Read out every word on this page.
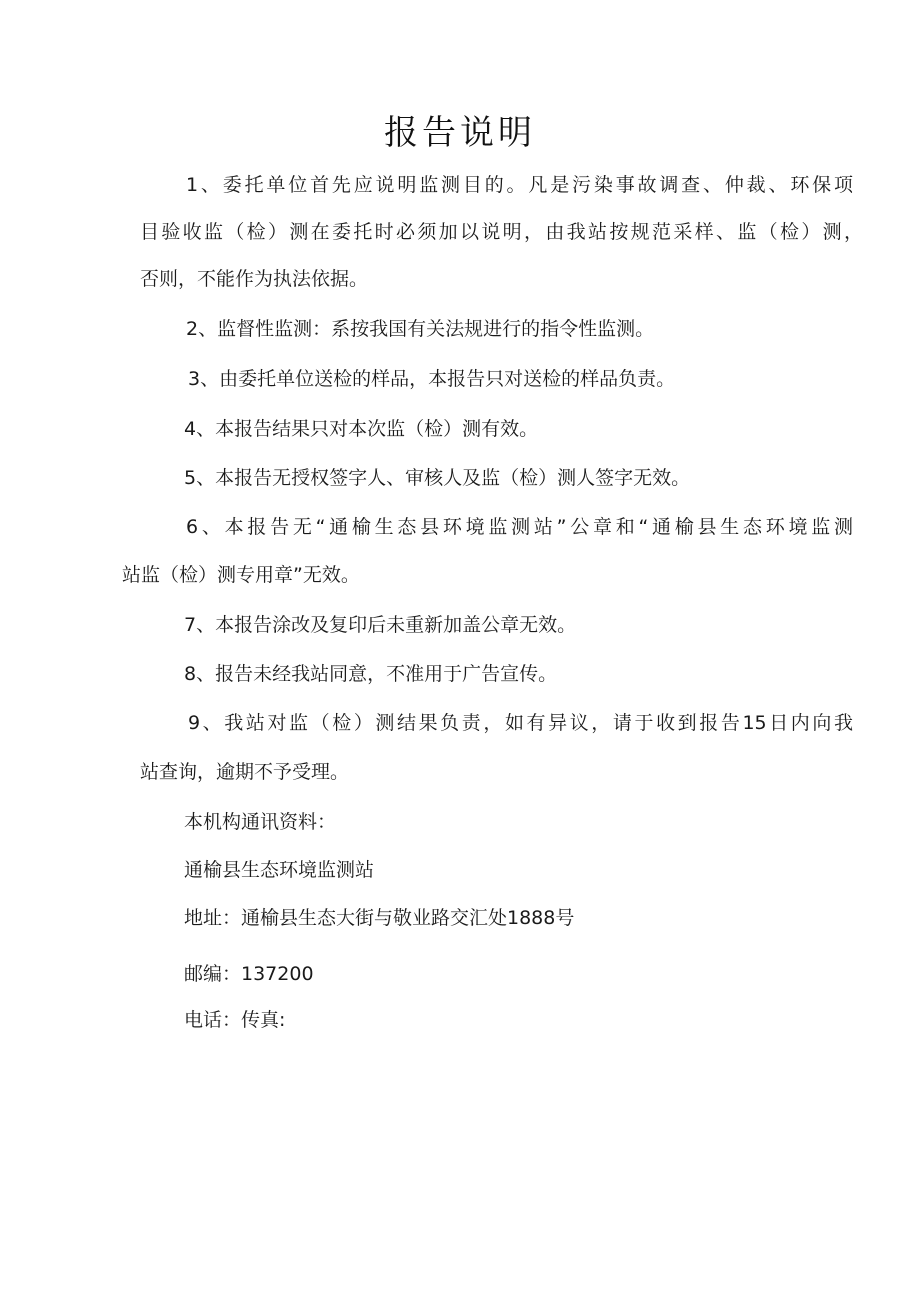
报告说明

1、委托单位首先应说明监测目的。凡是污染事故调查、仲裁、环保项

目验收监（检）测在委托时必须加以说明，由我站按规范采样、监（检）测，

否则，不能作为执法依据。

2、监督性监测：系按我国有关法规进行的指令性监测。

3、由委托单位送检的样品，本报告只对送检的样品负责。

4、本报告结果只对本次监（检）测有效。

5、本报告无授权签字人、审核人及监（检）测人签字无效。

6、本报告无“通榆生态县环境监测站”公章和“通榆县生态环境监测

站监（检）测专用章”无效。

7、本报告涂改及复印后未重新加盖公章无效。

8、报告未经我站同意，不准用于广告宣传。

9、我站对监（检）测结果负责，如有异议，请于收到报告15日内向我

站查询，逾期不予受理。

本机构通讯资料：

通榆县生态环境监测站

地址：通榆县生态大街与敬业路交汇处1888号

邮编：137200

电话：传真:
